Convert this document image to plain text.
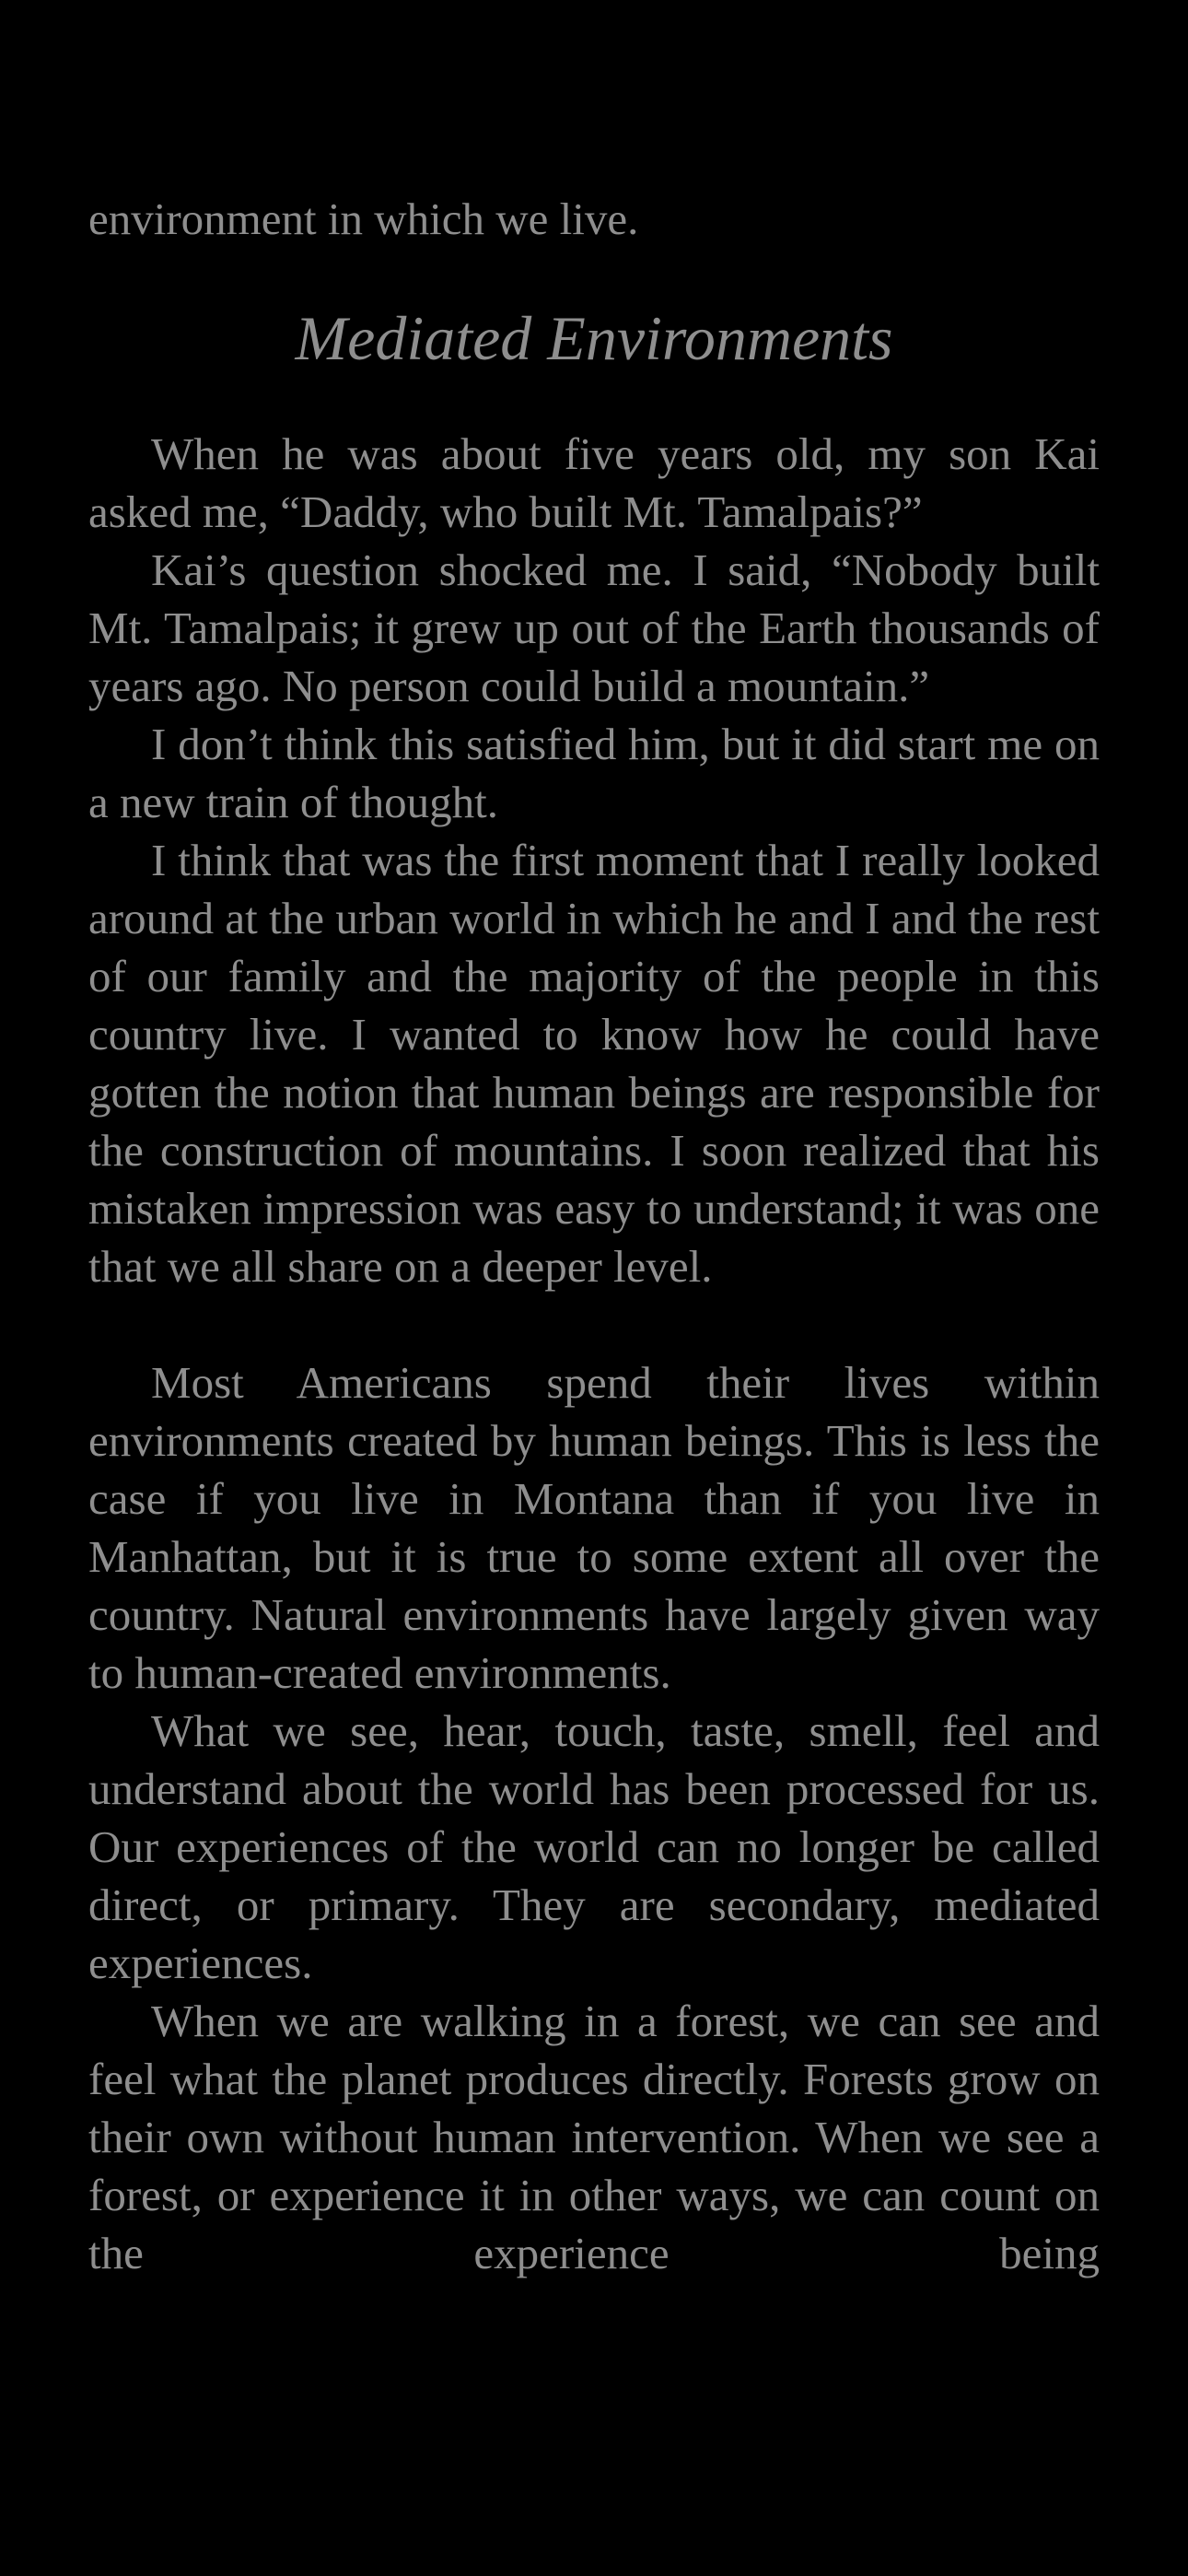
environment in which we live.

Mediated Environments

When he was about five years old, my son Kai asked me, “Daddy, who built Mt. Tamalpais?”

Kai’s question shocked me. I said, “Nobody built Mt. Tamalpais; it grew up out of the Earth thousands of years ago. No person could build a mountain.”

I don’t think this satisfied him, but it did start me on a new train of thought.

I think that was the first moment that I really looked around at the urban world in which he and I and the rest of our family and the majority of the people in this country live. I wanted to know how he could have gotten the notion that human beings are responsible for the construction of mountains. I soon realized that his mistaken impression was easy to understand; it was one that we all share on a deeper level.

Most Americans spend their lives within environments created by human beings. This is less the case if you live in Montana than if you live in Manhattan, but it is true to some extent all over the country. Natural environments have largely given way to human-created environments.

What we see, hear, touch, taste, smell, feel and understand about the world has been processed for us. Our experiences of the world can no longer be called direct, or primary. They are secondary, mediated experiences.

When we are walking in a forest, we can see and feel what the planet produces directly. Forests grow on their own without human intervention. When we see a forest, or experience it in other ways, we can count on the experience being
